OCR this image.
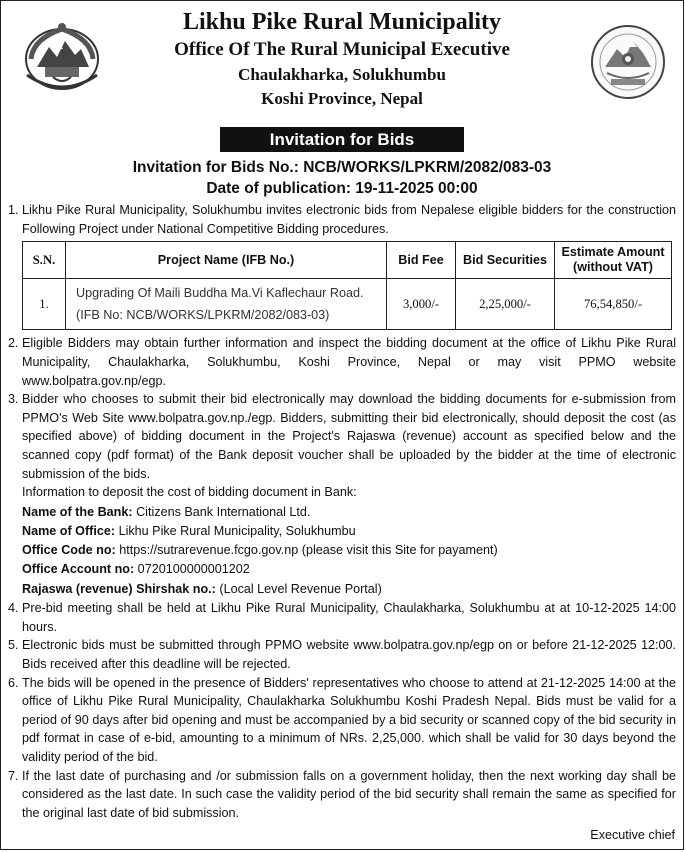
Likhu Pike Rural Municipality
Office Of The Rural Municipal Executive
Chaulakharka, Solukhumbu
Koshi Province, Nepal
Invitation for Bids
Invitation for Bids No.: NCB/WORKS/LPKRM/2082/083-03
Date of publication: 19-11-2025 00:00
1. Likhu Pike Rural Municipality, Solukhumbu invites electronic bids from Nepalese eligible bidders for the construction Following Project under National Competitive Bidding procedures.
S.N.	Project Name (IFB No.)	Bid Fee	Bid Securities	Estimate Amount
(without VAT)

1.	Upgrading Of Maili Buddha Ma.Vi Kaflechaur Road.
(IFB No: NCB/WORKS/LPKRM/2082/083-03)	3,000/-	2,25,000/-	76,54,850/-
2. Eligible Bidders may obtain further information and inspect the bidding document at the office of Likhu Pike Rural Municipality, Chaulakharka, Solukhumbu, Koshi Province, Nepal or may visit PPMO website www.bolpatra.gov.np/egp.
3. Bidder who chooses to submit their bid electronically may download the bidding documents for e-submission from PPMO's Web Site www.bolpatra.gov.np./egp. Bidders, submitting their bid electronically, should deposit the cost (as specified above) of bidding document in the Project's Rajaswa (revenue) account as specified below and the scanned copy (pdf format) of the Bank deposit voucher shall be uploaded by the bidder at the time of electronic submission of the bids.
Information to deposit the cost of bidding document in Bank:
Name of the Bank: Citizens Bank International Ltd.
Name of Office: Likhu Pike Rural Municipality, Solukhumbu
Office Code no: https://sutrarevenue.fcgo.gov.np (please visit this Site for payament)
Office Account no: 0720100000001202
Rajaswa (revenue) Shirshak no.: (Local Level Revenue Portal)
4. Pre-bid meeting shall be held at Likhu Pike Rural Municipality, Chaulakharka, Solukhumbu at at 10-12-2025 14:00 hours.
5. Electronic bids must be submitted through PPMO website www.bolpatra.gov.np/egp on or before 21-12-2025 12:00. Bids received after this deadline will be rejected.
6. The bids will be opened in the presence of Bidders' representatives who choose to attend at 21-12-2025 14:00 at the office of Likhu Pike Rural Municipality, Chaulakharka Solukhumbu Koshi Pradesh Nepal. Bids must be valid for a period of 90 days after bid opening and must be accompanied by a bid security or scanned copy of the bid security in pdf format in case of e-bid, amounting to a minimum of NRs. 2,25,000. which shall be valid for 30 days beyond the validity period of the bid.
7. If the last date of purchasing and /or submission falls on a government holiday, then the next working day shall be considered as the last date. In such case the validity period of the bid security shall remain the same as specified for the original last date of bid submission.
Executive chief
